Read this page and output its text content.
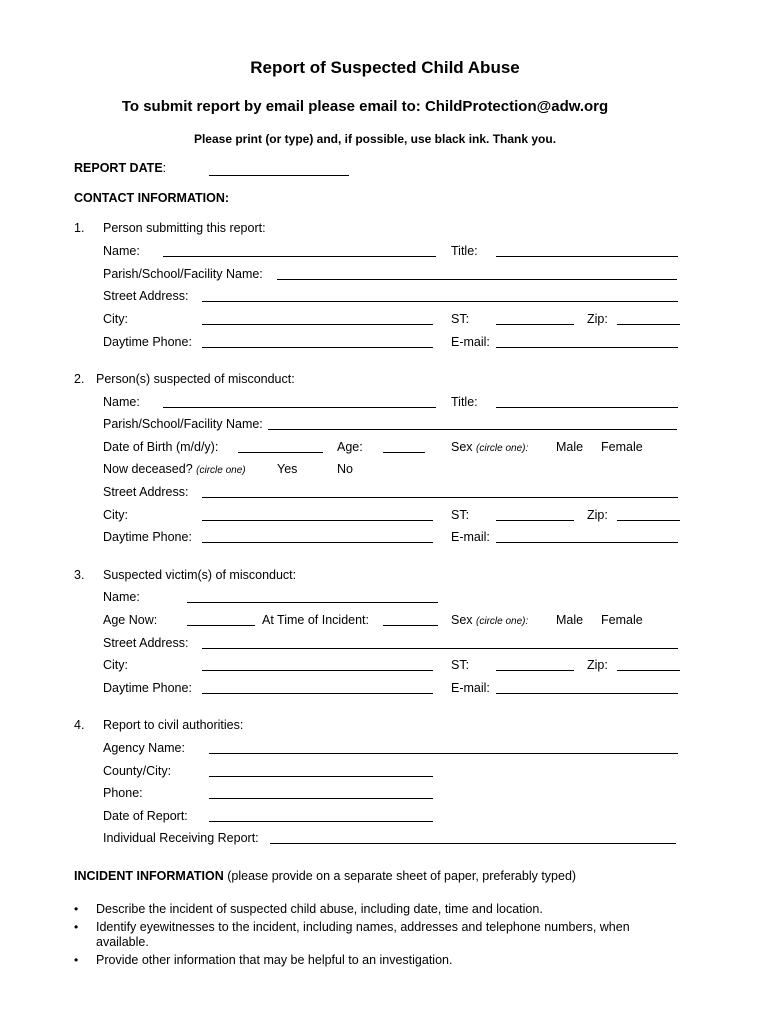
Report of Suspected Child Abuse
To submit report by email please email to: ChildProtection@adw.org
Please print (or type) and, if possible, use black ink. Thank you.
REPORT DATE:
CONTACT INFORMATION:
1. Person submitting this report:
Name:	Title:
Parish/School/Facility Name:
Street Address:
City:	ST:	Zip:
Daytime Phone:	E-mail:
2. Person(s) suspected of misconduct:
Name:	Title:
Parish/School/Facility Name:
Date of Birth (m/d/y):	Age:	Sex (circle one): Male Female
Now deceased? (circle one)	Yes	No
Street Address:
City:	ST:	Zip:
Daytime Phone:	E-mail:
3. Suspected victim(s) of misconduct:
Name:
Age Now:	At Time of Incident:	Sex (circle one): Male Female
Street Address:
City:	ST:	Zip:
Daytime Phone:	E-mail:
4. Report to civil authorities:
Agency Name:
County/City:
Phone:
Date of Report:
Individual Receiving Report:
INCIDENT INFORMATION (please provide on a separate sheet of paper, preferably typed)
• Describe the incident of suspected child abuse, including date, time and location.
• Identify eyewitnesses to the incident, including names, addresses and telephone numbers, when
available.
• Provide other information that may be helpful to an investigation.
